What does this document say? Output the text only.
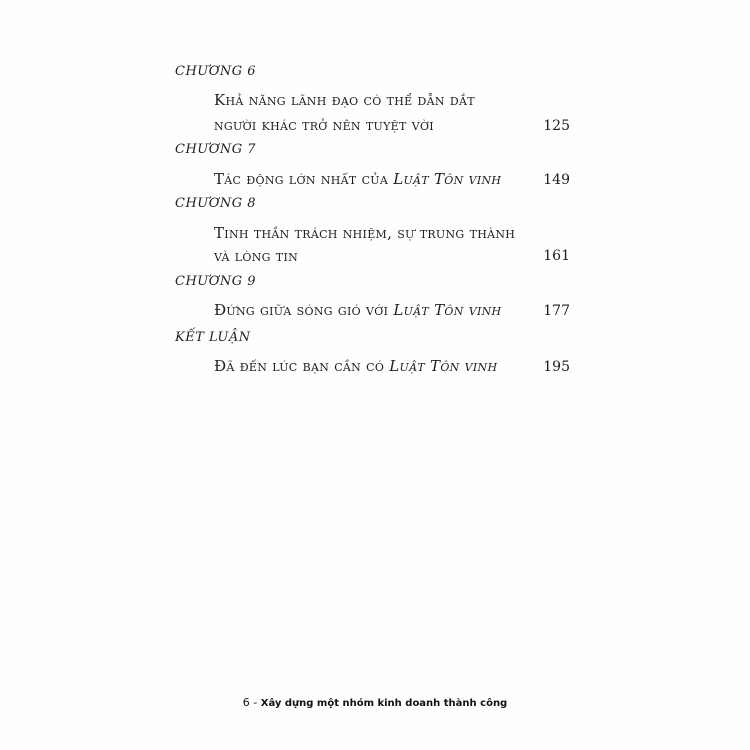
CHƯƠNG 6
Khả năng lãnh đạo có thể dẫn dắt
người khác trở nên tuyệt vời	125
CHƯƠNG 7
Tác động lớn nhất của Luật Tôn vinh	149
CHƯƠNG 8
Tinh thần trách nhiệm, sự trung thành
và lòng tin	161
CHƯƠNG 9
Đứng giữa sóng gió với Luật Tôn vinh	177
KẾT LUẬN
Đã đến lúc bạn cần có Luật Tôn vinh	195
6 - Xây dựng một nhóm kinh doanh thành công
